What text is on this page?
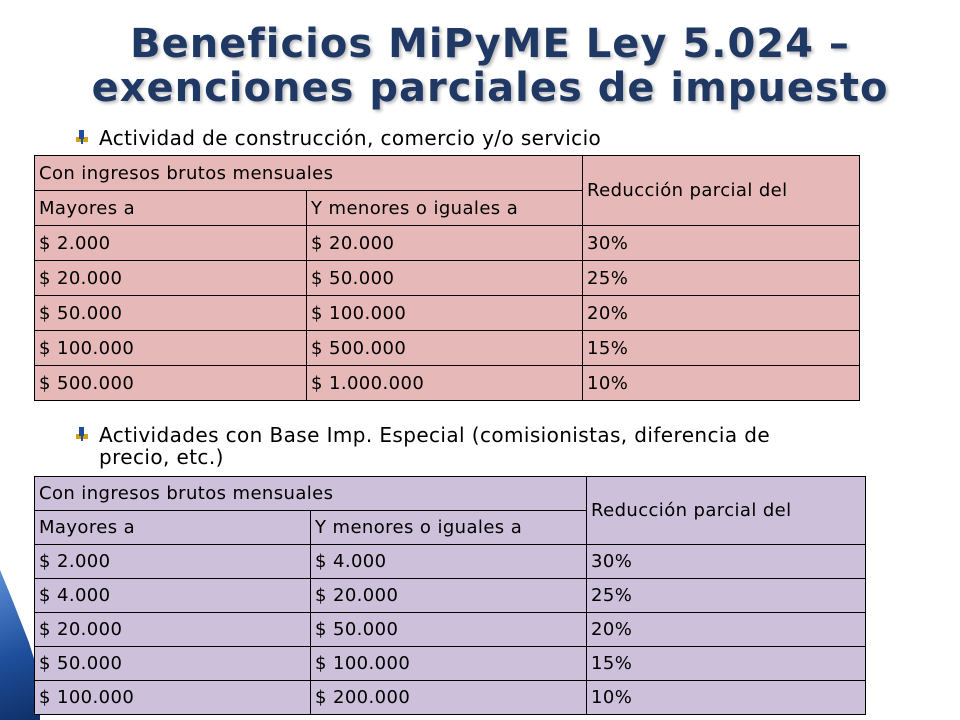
Beneficios MiPyME Ley 5.024 –
exenciones parciales de impuesto
Actividad de construcción, comercio y/o servicio
Con ingresos brutos mensuales		Reducción parcial del
Mayores a	Y menores o iguales a	
$ 2.000	$ 20.000	30%
$ 20.000	$ 50.000	25%
$ 50.000	$ 100.000	20%
$ 100.000	$ 500.000	15%
$ 500.000	$ 1.000.000	10%
Actividades con Base Imp. Especial (comisionistas, diferencia de precio, etc.)
Con ingresos brutos mensuales		Reducción parcial del
Mayores a	Y menores o iguales a	
$ 2.000	$ 4.000	30%
$ 4.000	$ 20.000	25%
$ 20.000	$ 50.000	20%
$ 50.000	$ 100.000	15%
$ 100.000	$ 200.000	10%
